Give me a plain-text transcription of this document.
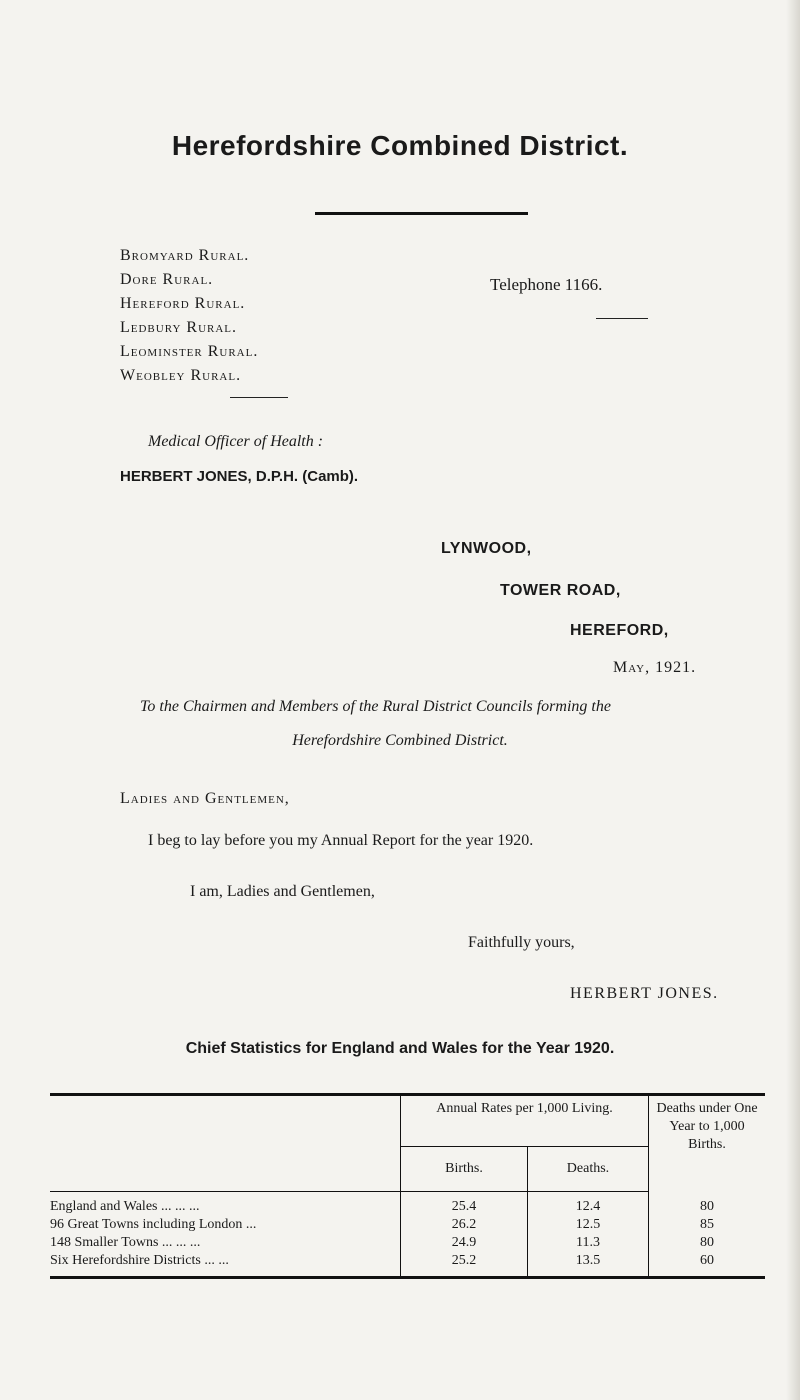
Herefordshire Combined District.
Bromyard Rural.
Dore Rural.
Hereford Rural.
Ledbury Rural.
Leominster Rural.
Weobley Rural.
Telephone 1166.
Medical Officer of Health :
HERBERT JONES, D.P.H. (Camb).
LYNWOOD,
TOWER ROAD,
HEREFORD,
May, 1921.
To the Chairmen and Members of the Rural District Councils forming the
Herefordshire Combined District.
Ladies and Gentlemen,
I beg to lay before you my Annual Report for the year 1920.
I am, Ladies and Gentlemen,
Faithfully yours,
HERBERT JONES.
Chief Statistics for England and Wales for the Year 1920.
	Annual Rates per 1,000 Living.		Deaths under One Year to 1,000 Births.
	Births.	Deaths.	
England and Wales ... ... ...	25.4	12.4	80
96 Great Towns including London ...	26.2	12.5	85
148 Smaller Towns ... ... ...	24.9	11.3	80
Six Herefordshire Districts ... ...	25.2	13.5	60
